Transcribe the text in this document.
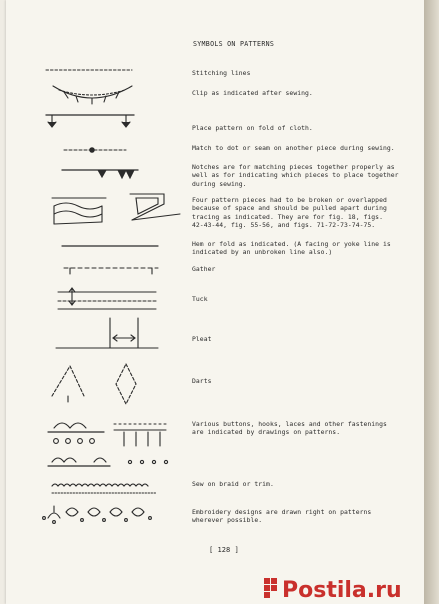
SYMBOLS ON PATTERNS
Stitching lines
Clip as indicated after sewing.
Place pattern on fold of cloth.
Match to dot or seam on another piece during sewing.
Notches are for matching pieces together properly as
well as for indicating which pieces to place together
during sewing.
Four pattern pieces had to be broken or overlapped
because of space and should be pulled apart during
tracing as indicated. They are for fig. 18, figs.
42-43-44, fig. 55-56, and figs. 71-72-73-74-75.
Hem or fold as indicated. (A facing or yoke line is
indicated by an unbroken line also.)
Gather
Tuck
Pleat
Darts
Various buttons, hooks, laces and other fastenings
are indicated by drawings on patterns.
Sew on braid or trim.
Embroidery designs are drawn right on patterns
wherever possible.
[ 128 ]
Postila.ru
